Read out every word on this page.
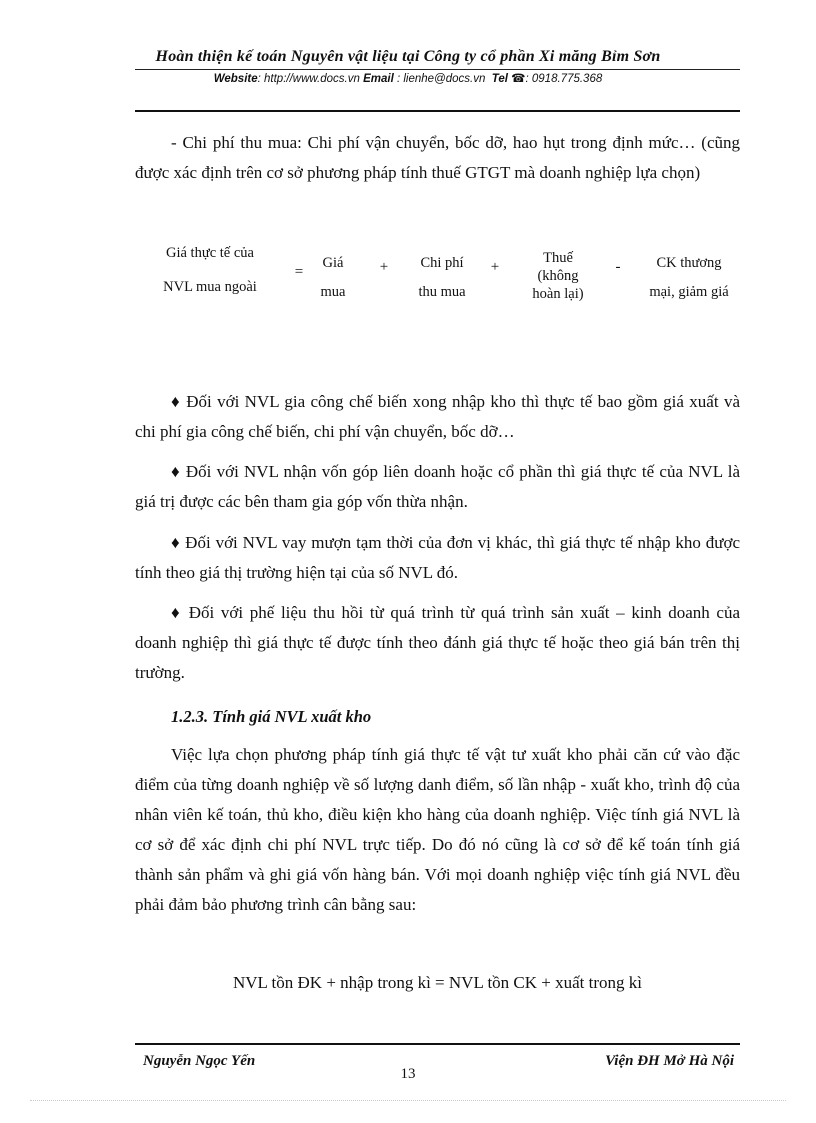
Hoàn thiện kế toán Nguyên vật liệu tại Công ty cổ phần Xi măng Bỉm Sơn
Website: http://www.docs.vn Email : lienhe@docs.vn Tel ☎: 0918.775.368
- Chi phí thu mua: Chi phí vận chuyển, bốc dỡ, hao hụt trong định mức… (cũng được xác định trên cơ sở phương pháp tính thuế GTGT mà doanh nghiệp lựa chọn)
Giá thực tế của
NVL mua ngoài
=
Giá
mua
+	Chi phí
thu mua
+
Thuế
(không
hoàn lại)
-	CK thương
mại, giảm giá
♦ Đối với NVL gia công chế biến xong nhập kho thì thực tế bao gồm giá xuất và chi phí gia công chế biến, chi phí vận chuyển, bốc dỡ…
♦ Đối với NVL nhận vốn góp liên doanh hoặc cổ phần thì giá thực tế của NVL là giá trị được các bên tham gia góp vốn thừa nhận.
♦ Đối với NVL vay mượn tạm thời của đơn vị khác, thì giá thực tế nhập kho được tính theo giá thị trường hiện tại của số NVL đó.
♦ Đối với phế liệu thu hồi từ quá trình từ quá trình sản xuất – kinh doanh của doanh nghiệp thì giá thực tế được tính theo đánh giá thực tế hoặc theo giá bán trên thị trường.
1.2.3. Tính giá NVL xuất kho
Việc lựa chọn phương pháp tính giá thực tế vật tư xuất kho phải căn cứ vào đặc điểm của từng doanh nghiệp về số lượng danh điểm, số lần nhập - xuất kho, trình độ của nhân viên kế toán, thủ kho, điều kiện kho hàng của doanh nghiệp. Việc tính giá NVL là cơ sở để xác định chi phí NVL trực tiếp. Do đó nó cũng là cơ sở để kế toán tính giá thành sản phẩm và ghi giá vốn hàng bán. Với mọi doanh nghiệp việc tính giá NVL đều phải đảm bảo phương trình cân bằng sau:
NVL tồn ĐK + nhập trong kì = NVL tồn CK + xuất trong kì
Nguyễn Ngọc Yến
13
Viện ĐH Mở Hà Nội
